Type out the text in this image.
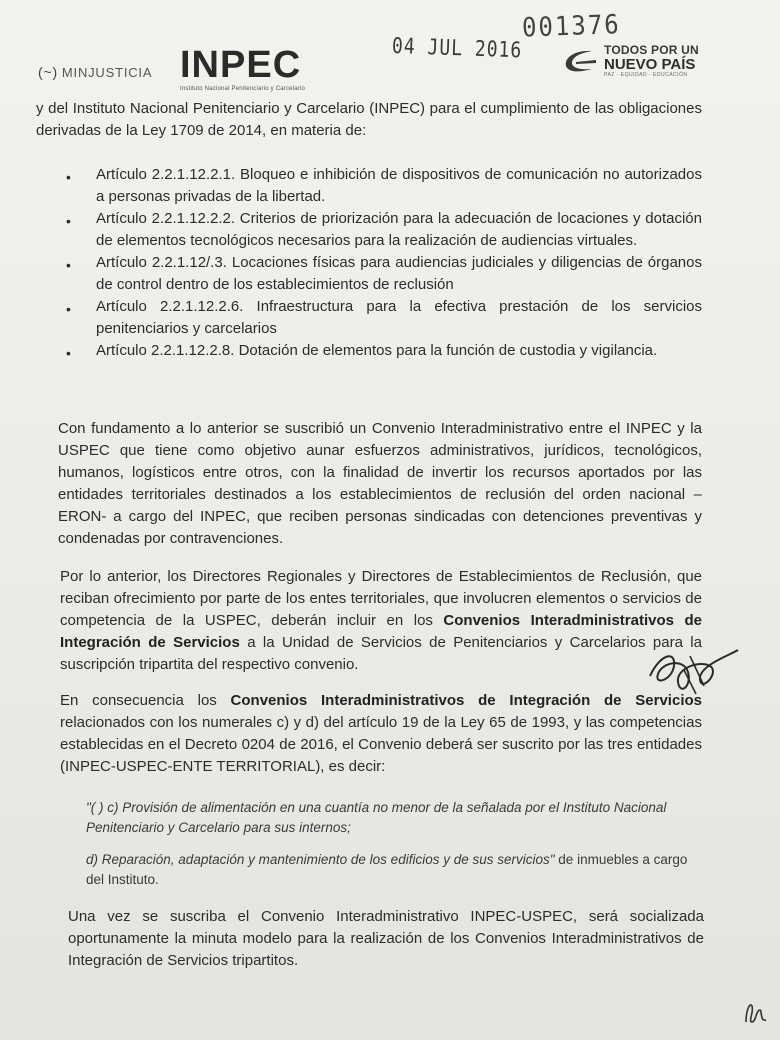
(~) MINJUSTICIA INPEC
Instituto Nacional Penitenciario y Carcelario
04 JUL 2016
001376
TODOS POR UN
NUEVO PAÍS
PAZ · EQUIDAD · EDUCACIÓN
y del Instituto Nacional Penitenciario y Carcelario (INPEC) para el cumplimiento de las obligaciones derivadas de la Ley 1709 de 2014, en materia de:
• Artículo 2.2.1.12.2.1. Bloqueo e inhibición de dispositivos de comunicación no autorizados a personas privadas de la libertad.
• Artículo 2.2.1.12.2.2. Criterios de priorización para la adecuación de locaciones y dotación de elementos tecnológicos necesarios para la realización de audiencias virtuales.
• Artículo 2.2.1.12/.3. Locaciones físicas para audiencias judiciales y diligencias de órganos de control dentro de los establecimientos de reclusión
• Artículo 2.2.1.12.2.6. Infraestructura para la efectiva prestación de los servicios penitenciarios y carcelarios
• Artículo 2.2.1.12.2.8. Dotación de elementos para la función de custodia y vigilancia.
Con fundamento a lo anterior se suscribió un Convenio Interadministrativo entre el INPEC y la USPEC que tiene como objetivo aunar esfuerzos administrativos, jurídicos, tecnológicos, humanos, logísticos entre otros, con la finalidad de invertir los recursos aportados por las entidades territoriales destinados a los establecimientos de reclusión del orden nacional –ERON- a cargo del INPEC, que reciben personas sindicadas con detenciones preventivas y condenadas por contravenciones.
Por lo anterior, los Directores Regionales y Directores de Establecimientos de Reclusión, que reciban ofrecimiento por parte de los entes territoriales, que involucren elementos o servicios de competencia de la USPEC, deberán incluir en los Convenios Interadministrativos de Integración de Servicios a la Unidad de Servicios de Penitenciarios y Carcelarios para la suscripción tripartita del respectivo convenio.
En consecuencia los Convenios Interadministrativos de Integración de Servicios relacionados con los numerales c) y d) del artículo 19 de la Ley 65 de 1993, y las competencias establecidas en el Decreto 0204 de 2016, el Convenio deberá ser suscrito por las tres entidades (INPEC-USPEC-ENTE TERRITORIAL), es decir:
"( ) c) Provisión de alimentación en una cuantía no menor de la señalada por el Instituto Nacional Penitenciario y Carcelario para sus internos;
d) Reparación, adaptación y mantenimiento de los edificios y de sus servicios" de inmuebles a cargo del Instituto.
Una vez se suscriba el Convenio Interadministrativo INPEC-USPEC, será socializada oportunamente la minuta modelo para la realización de los Convenios Interadministrativos de Integración de Servicios tripartitos.
